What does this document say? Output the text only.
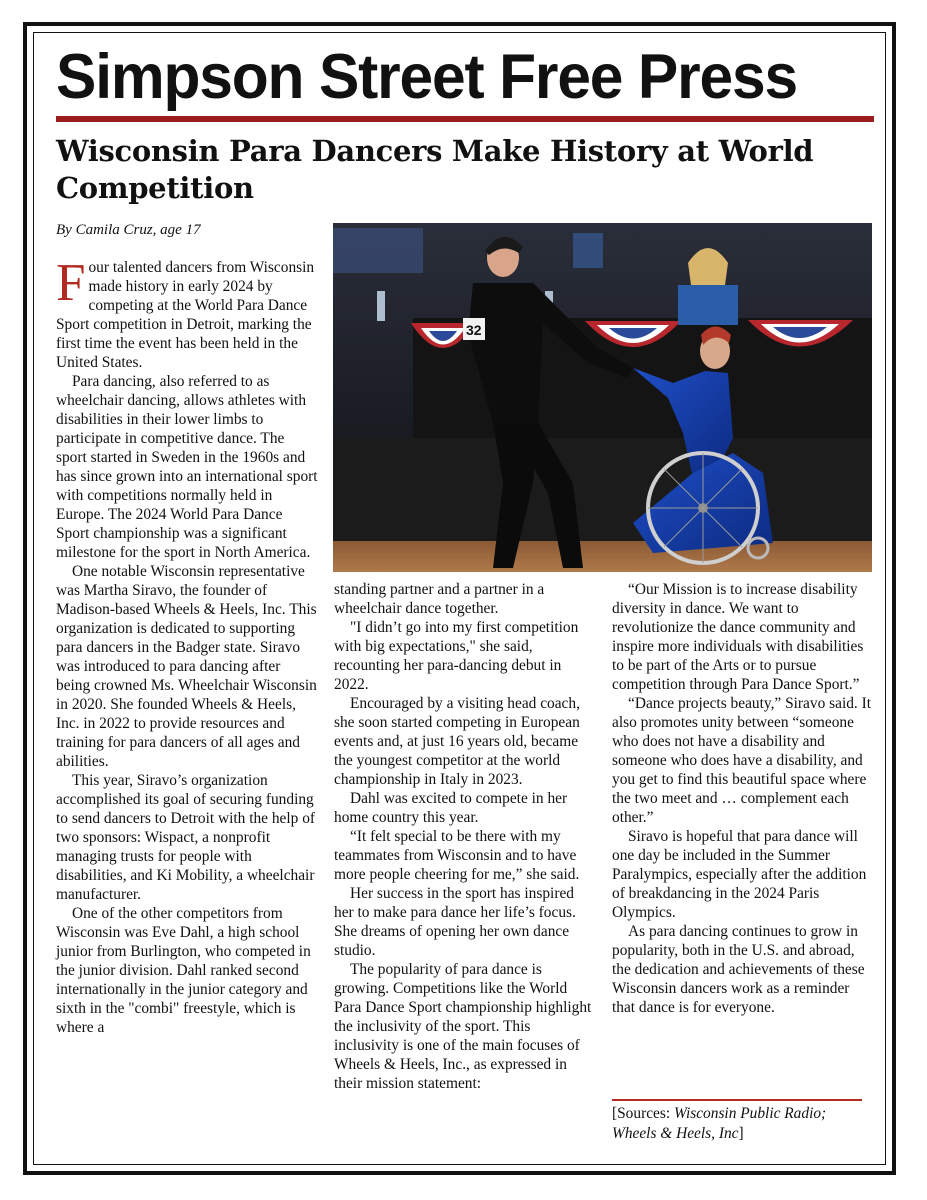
Simpson Street Free Press
Wisconsin Para Dancers Make History at World Competition
By Camila Cruz, age 17

Four talented dancers from Wisconsin made history in early 2024 by competing at the World Para Dance Sport competition in Detroit, marking the first time the event has been held in the United States.

Para dancing, also referred to as wheelchair dancing, allows athletes with disabilities in their lower limbs to participate in competitive dance. The sport started in Sweden in the 1960s and has since grown into an international sport with competitions normally held in Europe. The 2024 World Para Dance Sport championship was a significant milestone for the sport in North America.

One notable Wisconsin representative was Martha Siravo, the founder of Madison-based Wheels & Heels, Inc. This organization is dedicated to supporting para dancers in the Badger state. Siravo was introduced to para dancing after being crowned Ms. Wheelchair Wisconsin in 2020. She founded Wheels & Heels, Inc. in 2022 to provide resources and training for para dancers of all ages and abilities.

This year, Siravo’s organization accomplished its goal of securing funding to send dancers to Detroit with the help of two sponsors: Wispact, a nonprofit managing trusts for people with disabilities, and Ki Mobility, a wheelchair manufacturer.

One of the other competitors from Wisconsin was Eve Dahl, a high school junior from Burlington, who competed in the junior division. Dahl ranked second internationally in the junior category and sixth in the "combi" freestyle, which is where a

32

standing partner and a partner in a wheelchair dance together.

"I didn’t go into my first competition with big expectations," she said, recounting her para-dancing debut in 2022.

Encouraged by a visiting head coach, she soon started competing in European events and, at just 16 years old, became the youngest competitor at the world championship in Italy in 2023.

Dahl was excited to compete in her home country this year.

“It felt special to be there with my teammates from Wisconsin and to have more people cheering for me,” she said.

Her success in the sport has inspired her to make para dance her life’s focus. She dreams of opening her own dance studio.

The popularity of para dance is growing. Competitions like the World Para Dance Sport championship highlight the inclusivity of the sport. This inclusivity is one of the main focuses of Wheels & Heels, Inc., as expressed in their mission statement:

“Our Mission is to increase disability diversity in dance. We want to revolutionize the dance community and inspire more individuals with disabilities to be part of the Arts or to pursue competition through Para Dance Sport.”

“Dance projects beauty,” Siravo said. It also promotes unity between “someone who does not have a disability and someone who does have a disability, and you get to find this beautiful space where the two meet and … complement each other.”

Siravo is hopeful that para dance will one day be included in the Summer Paralympics, especially after the addition of breakdancing in the 2024 Paris Olympics.

As para dancing continues to grow in popularity, both in the U.S. and abroad, the dedication and achievements of these Wisconsin dancers work as a reminder that dance is for everyone.

[Sources: Wisconsin Public Radio; Wheels & Heels, Inc]
